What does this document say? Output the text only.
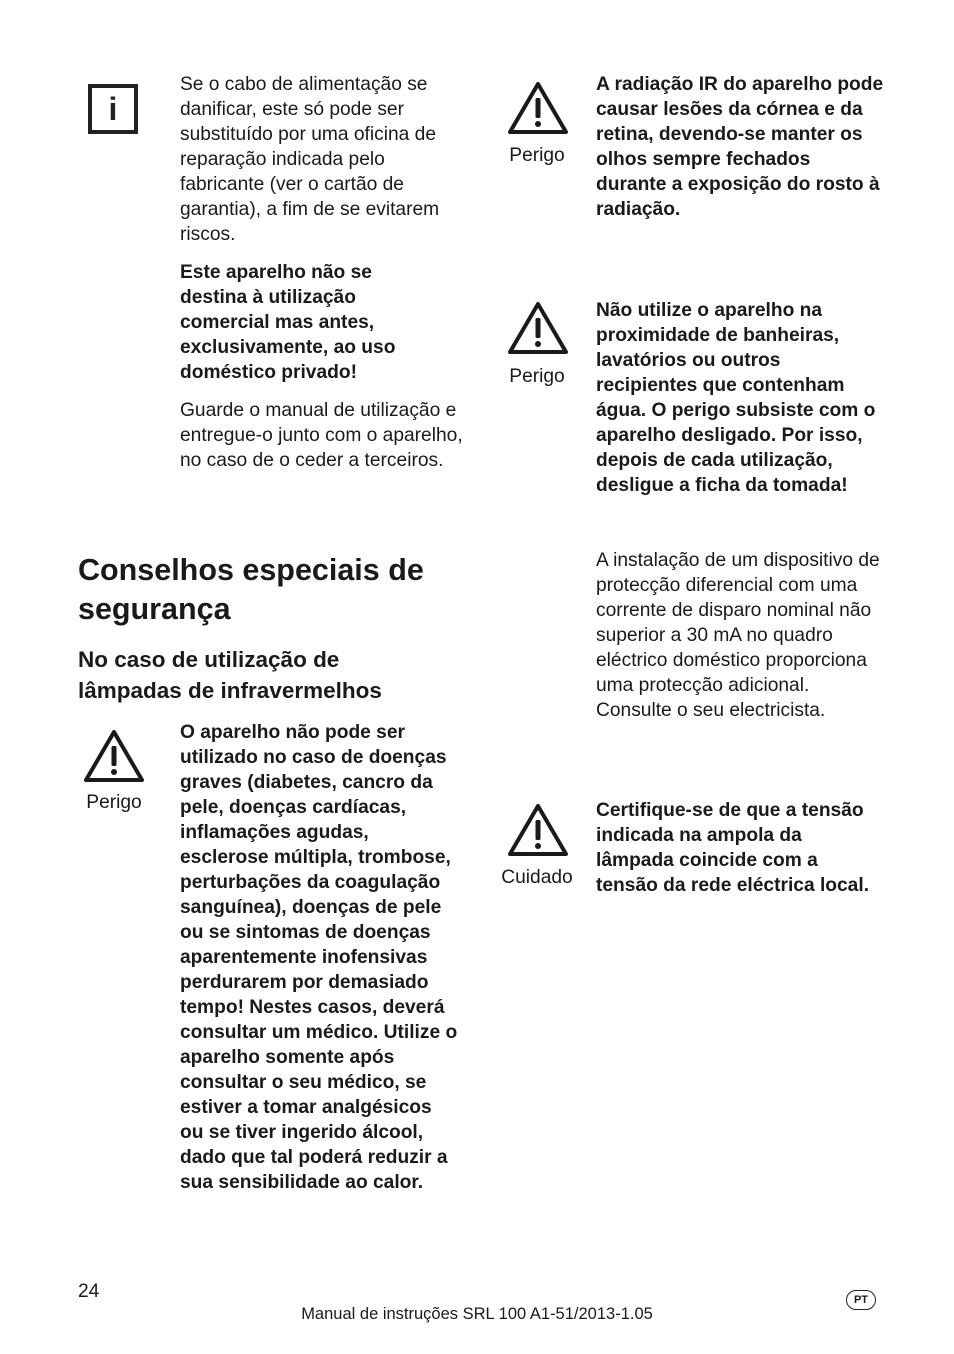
i

Se o cabo de alimentação se danificar, este só pode ser substituído por uma oficina de reparação indicada pelo fabricante (ver o cartão de garantia), a fim de se evitarem riscos.

Este aparelho não se destina à utilização comercial mas antes, exclusivamente, ao uso doméstico privado!

Guarde o manual de utilização e entregue-o junto com o aparelho, no caso de o ceder a terceiros.

Conselhos especiais de segurança
No caso de utilização de lâmpadas de infravermelhos
Perigo

O aparelho não pode ser utilizado no caso de doenças graves (diabetes, cancro da pele, doenças cardíacas, inflamações agudas, esclerose múltipla, trombose, perturbações da coagulação sanguínea), doenças de pele ou se sintomas de doenças aparentemente inofensivas perdurarem por demasiado tempo! Nestes casos, deverá consultar um médico. Utilize o aparelho somente após consultar o seu médico, se estiver a tomar analgésicos ou se tiver ingerido álcool, dado que tal poderá reduzir a sua sensibilidade ao calor.

Perigo

A radiação IR do aparelho pode causar lesões da córnea e da retina, devendo-se manter os olhos sempre fechados durante a exposição do rosto à radiação.

Perigo

Não utilize o aparelho na proximidade de banheiras, lavatórios ou outros recipientes que contenham água. O perigo subsiste com o aparelho desligado. Por isso, depois de cada utilização, desligue a ficha da tomada!

A instalação de um dispositivo de protecção diferencial com uma corrente de disparo nominal não superior a 30 mA no quadro eléctrico doméstico proporciona uma protecção adicional. Consulte o seu electricista.

Cuidado

Certifique-se de que a tensão indicada na ampola da lâmpada coincide com a tensão da rede eléctrica local.

24
Manual de instruções SRL 100 A1-51/2013-1.05
PT
